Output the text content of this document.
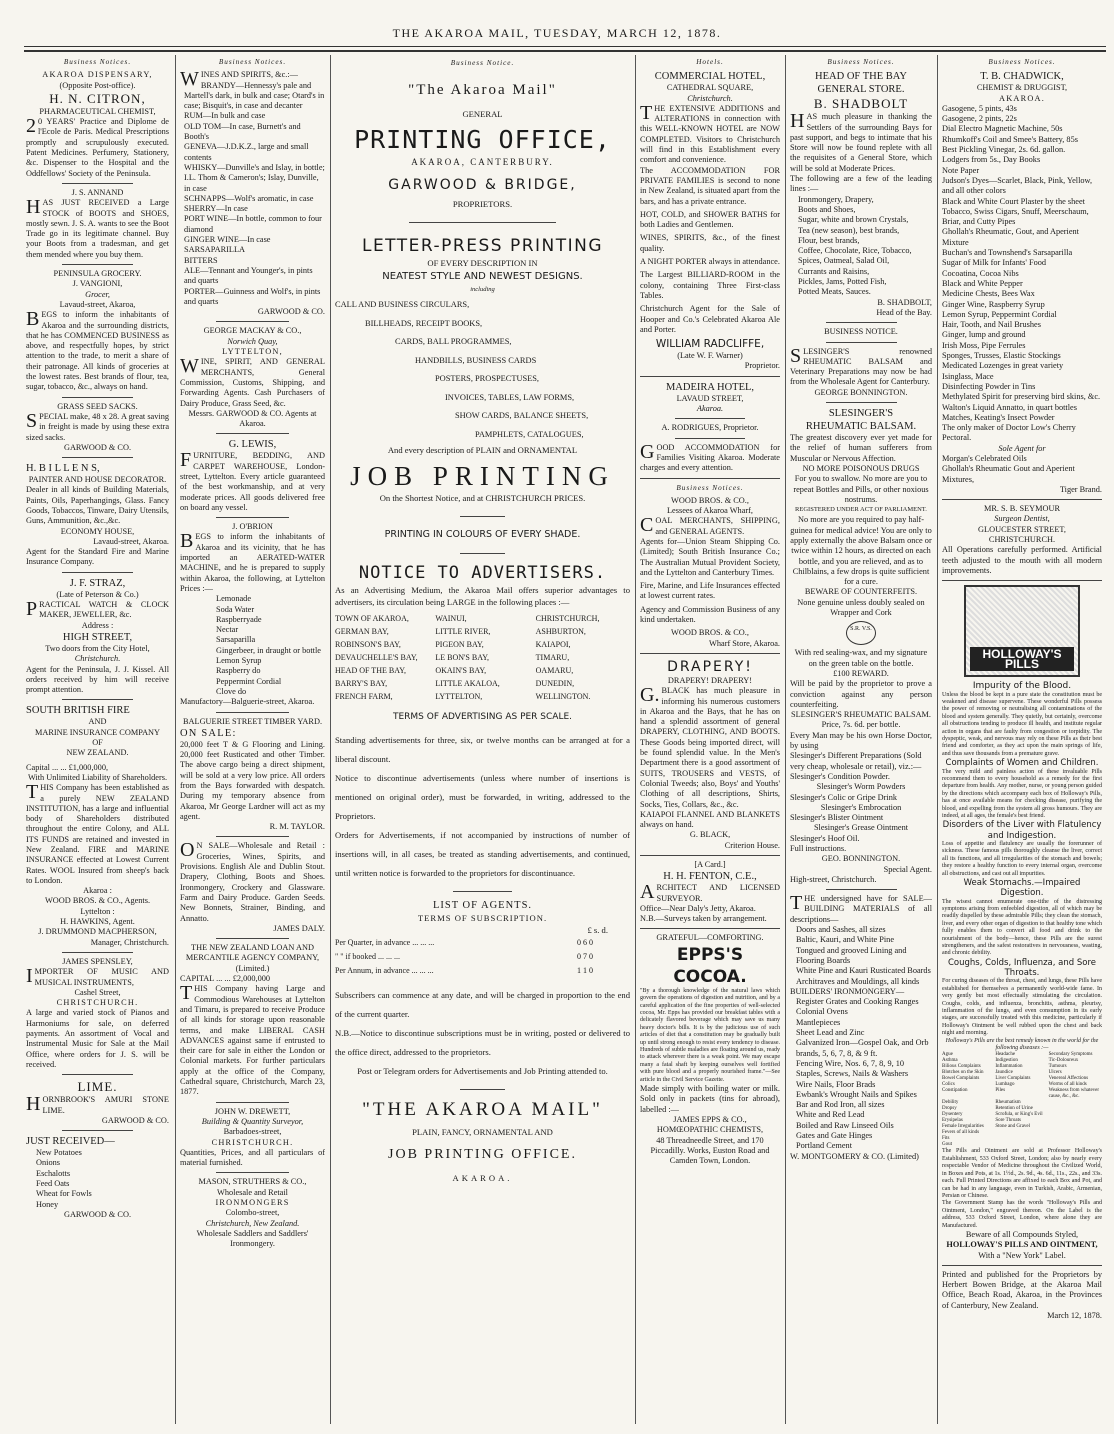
THE AKAROA MAIL, TUESDAY, MARCH 12, 1878.
Business Notices.
AKAROA DISPENSARY,
(Opposite Post-office).
H. N. CITRON,
PHARMACEUTICAL CHEMIST,
20 YEARS' Practice and Diplome de l'Ecole de Paris. Medical Prescriptions promptly and scrupulously executed. Patent Medicines. Perfumery, Stationery, &c. Dispenser to the Hospital and the Oddfellows' Society of the Peninsula.
J. S. ANNAND
HAS JUST RECEIVED a Large STOCK of BOOTS and SHOES, mostly sewn. J. S. A. wants to see the Boot Trade go in its legitimate channel. Buy your Boots from a tradesman, and get them mended where you buy them.
PENINSULA GROCERY.
J. VANGIONI,
Grocer,
Lavaud-street, Akaroa,
BEGS to inform the inhabitants of Akaroa and the surrounding districts, that he has COMMENCED BUSINESS as above, and respectfully hopes, by strict attention to the trade, to merit a share of their patronage. All kinds of groceries at the lowest rates. Best brands of flour, tea, sugar, tobacco, &c., always on hand.
GRASS SEED SACKS.
SPECIAL make, 48 x 28. A great saving in freight is made by using these extra sized sacks.
GARWOOD & CO.
H. B I L L E N S,
PAINTER AND HOUSE DECORATOR.
Dealer in all kinds of Building Materials, Paints, Oils, Paperhangings, Glass. Fancy Goods, Tobaccos, Tinware, Dairy Utensils, Guns, Ammunition, &c.,&c.
ECONOMY HOUSE,
Lavaud-street, Akaroa.
Agent for the Standard Fire and Marine Insurance Company.
J. F. STRAZ,
(Late of Peterson & Co.)
PRACTICAL WATCH & CLOCK MAKER, JEWELLER, &c.
Address :
HIGH STREET,
Two doors from the City Hotel,
Christchurch.
Agent for the Peninsula, J. J. Kissel. All orders received by him will receive prompt attention.
SOUTH BRITISH FIRE
AND
MARINE INSURANCE COMPANY
OF
NEW ZEALAND.
Capital ... ... £1,000,000,
With Unlimited Liability of Shareholders.
THIS Company has been established as a purely NEW ZEALAND INSTITUTION, has a large and influential body of Shareholders distributed throughout the entire Colony, and ALL ITS FUNDS are retained and invested in New Zealand. FIRE and MARINE INSURANCE effected at Lowest Current Rates. WOOL Insured from sheep's back to London.
Akaroa :
WOOD BROS. & CO., Agents.
Lyttelton :
H. HAWKINS, Agent.
J. DRUMMOND MACPHERSON,
Manager, Christchurch.
JAMES SPENSLEY,
IMPORTER OF MUSIC AND MUSICAL INSTRUMENTS,
Cashel Street,
CHRISTCHURCH.
A large and varied stock of Pianos and Harmoniums for sale, on deferred payments. An assortment of Vocal and Instrumental Music for Sale at the Mail Office, where orders for J. S. will be received.
LIME.
HORNBROOK'S AMURI STONE LIME.
GARWOOD & CO.
JUST RECEIVED—
New Potatoes
Onions
Eschalotts
Feed Oats
Wheat for Fowls
Honey
GARWOOD & CO.
Business Notices.
WINES AND SPIRITS, &c.:—
BRANDY—Hennessy's pale and Martell's dark, in bulk and case; Otard's in case; Bisquit's, in case and decanter
RUM—In bulk and case
OLD TOM—In case, Burnett's and Booth's
GENEVA—J.D.K.Z., large and small contents
WHISKY—Dunville's and Islay, in bottle; I.L. Thom & Cameron's; Islay, Dunville, in case
SCHNAPPS—Wolf's aromatic, in case
SHERRY—In case
PORT WINE—In bottle, common to four diamond
GINGER WINE—In case
SARSAPARILLA
BITTERS
ALE—Tennant and Younger's, in pints and quarts
PORTER—Guinness and Wolf's, in pints and quarts
GARWOOD & CO.
GEORGE MACKAY & CO.,
Norwich Quay,
LYTTELTON,
WINE, SPIRIT, AND GENERAL MERCHANTS, General Commission, Customs, Shipping, and Forwarding Agents. Cash Purchasers of Dairy Produce, Grass Seed, &c.
Messrs. GARWOOD & CO. Agents at Akaroa.
G. LEWIS,
FURNITURE, BEDDING, AND CARPET WAREHOUSE, London-street, Lyttelton. Every article guaranteed of the best workmanship, and at very moderate prices. All goods delivered free on board any vessel.
J. O'BRION
BEGS to inform the inhabitants of Akaroa and its vicinity, that he has imported an AERATED-WATER MACHINE, and he is prepared to supply within Akaroa, the following, at Lyttelton Prices :—
Lemonade
Soda Water
Raspberryade
Nectar
Sarsaparilla
Gingerbeer, in draught or bottle
Lemon Syrup
Raspberry do
Peppermint Cordial
Clove do
Manufactory—Balguerie-street, Akaroa.
BALGUERIE STREET TIMBER YARD.
ON SALE:
20,000 feet T & G Flooring and Lining. 20,000 feet Rusticated and other Timber. The above cargo being a direct shipment, will be sold at a very low price. All orders from the Bays forwarded with despatch. During my temporary absence from Akaroa, Mr George Lardner will act as my agent.
R. M. TAYLOR.
ON SALE—Wholesale and Retail : Groceries, Wines, Spirits, and Provisions. English Ale and Dublin Stout. Drapery, Clothing, Boots and Shoes. Ironmongery, Crockery and Glassware. Farm and Dairy Produce. Garden Seeds. New Bonnets, Strainer, Binding, and Annatto.
JAMES DALY.
THE NEW ZEALAND LOAN AND MERCANTILE AGENCY COMPANY,
(Limited.)
CAPITAL ... ... £2,000,000
THIS Company having Large and Commodious Warehouses at Lyttelton and Timaru, is prepared to receive Produce of all kinds for storage upon reasonable terms, and make LIBERAL CASH ADVANCES against same if entrusted to their care for sale in either the London or Colonial markets. For further particulars apply at the office of the Company, Cathedral square, Christchurch, March 23, 1877.
JOHN W. DREWETT,
Building & Quantity Surveyor,
Barbadoes-street,
CHRISTCHURCH.
Quantities, Prices, and all particulars of material furnished.
MASON, STRUTHERS & CO.,
Wholesale and Retail
IRONMONGERS
Colombo-street,
Christchurch, New Zealand.
Wholesale Saddlers and Saddlers' Ironmongery.
Business Notice.
"The Akaroa Mail"
GENERAL
PRINTING OFFICE,
AKAROA, CANTERBURY.
GARWOOD & BRIDGE,
PROPRIETORS.
LETTER-PRESS PRINTING
OF EVERY DESCRIPTION IN
NEATEST STYLE AND NEWEST DESIGNS.
including
CALL AND BUSINESS CIRCULARS,
BILLHEADS, RECEIPT BOOKS,
CARDS, BALL PROGRAMMES,
HANDBILLS, BUSINESS CARDS
POSTERS, PROSPECTUSES,
INVOICES, TABLES, LAW FORMS,
SHOW CARDS, BALANCE SHEETS,
PAMPHLETS, CATALOGUES,
And every description of PLAIN and ORNAMENTAL
JOB PRINTING
On the Shortest Notice, and at CHRISTCHURCH PRICES.
PRINTING IN COLOURS OF EVERY SHADE.
NOTICE TO ADVERTISERS.
As an Advertising Medium, the Akaroa Mail offers superior advantages to advertisers, its circulation being LARGE in the following places :—
TOWN OF AKAROA,	WAINUI,	CHRISTCHURCH,
GERMAN BAY,	LITTLE RIVER,	ASHBURTON,
ROBINSON'S BAY,	PIGEON BAY,	KAIAPOI,
DEVAUCHELLE'S BAY,	LE BON'S BAY,	TIMARU,
HEAD OF THE BAY,	OKAIN'S BAY,	OAMARU,
BARRY'S BAY,	LITTLE AKALOA,	DUNEDIN,
FRENCH FARM,	LYTTELTON,	WELLINGTON.
TERMS OF ADVERTISING AS PER SCALE.
Standing advertisements for three, six, or twelve months can be arranged at for a liberal discount.
Notice to discontinue advertisements (unless where number of insertions is mentioned on original order), must be forwarded, in writing, addressed to the Proprietors.
Orders for Advertisements, if not accompanied by instructions of number of insertions will, in all cases, be treated as standing advertisements, and continued, until written notice is forwarded to the proprietors for discontinuance.
LIST OF AGENTS.
TERMS OF SUBSCRIPTION.
£ s. d.
Per Quarter, in advance ... ... ...	0 6 0
" " if booked ... ... ...	0 7 0
Per Annum, in advance ... ... ...	1 1 0
Subscribers can commence at any date, and will be charged in proportion to the end of the current quarter.
N.B.—Notice to discontinue subscriptions must be in writing, posted or delivered to the office direct, addressed to the proprietors.
Post or Telegram orders for Advertisements and Job Printing attended to.
"THE AKAROA MAIL"
PLAIN, FANCY, ORNAMENTAL AND
JOB PRINTING OFFICE.
AKAROA.
Hotels.
COMMERCIAL HOTEL,
CATHEDRAL SQUARE,
Christchurch.
THE EXTENSIVE ADDITIONS and ALTERATIONS in connection with this WELL-KNOWN HOTEL are NOW COMPLETED. Visitors to Christchurch will find in this Establishment every comfort and convenience.
The ACCOMMODATION FOR PRIVATE FAMILIES is second to none in New Zealand, is situated apart from the bars, and has a private entrance.
HOT, COLD, and SHOWER BATHS for both Ladies and Gentlemen.
WINES, SPIRITS, &c., of the finest quality.
A NIGHT PORTER always in attendance.
The Largest BILLIARD-ROOM in the colony, containing Three First-class Tables.
Christchurch Agent for the Sale of Hooper and Co.'s Celebrated Akaroa Ale and Porter.
WILLIAM RADCLIFFE,
(Late W. F. Warner)
Proprietor.
MADEIRA HOTEL,
LAVAUD STREET,
Akaroa.
A. RODRIGUES, Proprietor.
GOOD ACCOMMODATION for Families Visiting Akaroa. Moderate charges and every attention.
Business Notices.
WOOD BROS. & CO.,
Lessees of Akaroa Wharf,
COAL MERCHANTS, SHIPPING, and GENERAL AGENTS.
Agents for—Union Steam Shipping Co. (Limited); South British Insurance Co.; The Australian Mutual Provident Society, and the Lyttelton and Canterbury Times.
Fire, Marine, and Life Insurances effected at lowest current rates.
Agency and Commission Business of any kind undertaken.
WOOD BROS. & CO.,
Wharf Store, Akaroa.
DRAPERY!
DRAPERY! DRAPERY!
G.BLACK has much pleasure in informing his numerous customers in Akaroa and the Bays, that he has on hand a splendid assortment of general DRAPERY, CLOTHING, AND BOOTS. These Goods being imported direct, will be found splendid value. In the Men's Department there is a good assortment of SUITS, TROUSERS and VESTS, of Colonial Tweeds; also, Boys' and Youths' Clothing of all descriptions, Shirts, Socks, Ties, Collars, &c., &c.
KAIAPOI FLANNEL AND BLANKETS always on hand.
G. BLACK,
Criterion House.
[A Card.]
H. H. FENTON, C.E.,
ARCHITECT AND LICENSED SURVEYOR.
Office—Near Daly's Jetty, Akaroa.
N.B.—Surveys taken by arrangement.
GRATEFUL—COMFORTING.
EPPS'S COCOA.
"By a thorough knowledge of the natural laws which govern the operations of digestion and nutrition, and by a careful application of the fine properties of well-selected cocoa, Mr. Epps has provided our breakfast tables with a delicately flavored beverage which may save us many heavy doctor's bills. It is by the judicious use of such articles of diet that a constitution may be gradually built up until strong enough to resist every tendency to disease. Hundreds of subtle maladies are floating around us, ready to attack wherever there is a weak point. We may escape many a fatal shaft by keeping ourselves well fortified with pure blood and a properly nourished frame."—See article in the Civil Service Gazette.
Made simply with boiling water or milk. Sold only in packets (tins for abroad), labelled :—
JAMES EPPS & CO.,
HOMŒOPATHIC CHEMISTS,
48 Threadneedle Street, and 170 Piccadilly. Works, Euston Road and Camden Town, London.
Business Notices.
HEAD OF THE BAY GENERAL STORE.
B. SHADBOLT
HAS much pleasure in thanking the Settlers of the surrounding Bays for past support, and begs to intimate that his Store will now be found replete with all the requisites of a General Store, which will be sold at Moderate Prices.
The following are a few of the leading lines :—
Ironmongery, Drapery,
Boots and Shoes,
Sugar, white and brown Crystals,
Tea (new season), best brands,
Flour, best brands,
Coffee, Chocolate, Rice, Tobacco,
Spices, Oatmeal, Salad Oil,
Currants and Raisins,
Pickles, Jams, Potted Fish,
Potted Meats, Sauces.
B. SHADBOLT,
Head of the Bay.
BUSINESS NOTICE.
SLESINGER'S renowned RHEUMATIC BALSAM and Veterinary Preparations may now be had from the Wholesale Agent for Canterbury.
GEORGE BONNINGTON.
SLESINGER'S
RHEUMATIC BALSAM.
The greatest discovery ever yet made for the relief of human sufferers from Muscular or Nervous Affection.
NO MORE POISONOUS DRUGS
For you to swallow. No more are you to repeat Bottles and Pills, or other noxious nostrums.
REGISTERED UNDER ACT OF PARLIAMENT.
No more are you required to pay half-guinea for medical advice! You are only to apply externally the above Balsam once or twice within 12 hours, as directed on each bottle, and you are relieved, and as to Chilblains, a few drops is quite sufficient for a cure.
BEWARE OF COUNTERFEITS.
None genuine unless doubly sealed on Wrapper and Cork
S.R. V.S.
With red sealing-wax, and my signature on the green table on the bottle.
£100 REWARD.
Will be paid by the proprietor to prove a conviction against any person counterfeiting.
SLESINGER'S RHEUMATIC BALSAM. Price, 7s. 6d. per bottle.
Every Man may be his own Horse Doctor, by using
Slesinger's Different Preparations (Sold very cheap, wholesale or retail), viz.:—
Slesinger's Condition Powder.
Slesinger's Worm Powders
Slesinger's Colic or Gripe Drink
Slesinger's Embrocation
Slesinger's Blister Ointment
Slesinger's Grease Ointment
Slesinger's Hoof Oil.
Full instructions.
GEO. BONNINGTON.
Special Agent.
High-street, Christchurch.
THE undersigned have for SALE—BUILDING MATERIALS of all descriptions—
Doors and Sashes, all sizes
Baltic, Kauri, and White Pine
Tongued and grooved Lining and Flooring Boards
White Pine and Kauri Rusticated Boards
Architraves and Mouldings, all kinds
BUILDERS' IRONMONGERY—
Register Grates and Cooking Ranges
Colonial Ovens
Mantlepieces
Sheet Lead and Zinc
Galvanized Iron—Gospel Oak, and Orb brands, 5, 6, 7, 8, & 9 ft.
Fencing Wire, Nos. 6, 7, 8, 9, 10
Staples, Screws, Nails & Washers
Wire Nails, Floor Brads
Ewbank's Wrought Nails and Spikes
Bar and Rod Iron, all sizes
White and Red Lead
Boiled and Raw Linseed Oils
Gates and Gate Hinges
Portland Cement
W. MONTGOMERY & CO. (Limited)
Business Notices.
T. B. CHADWICK,
CHEMIST & DRUGGIST,
AKAROA.
Gasogene, 5 pints, 43s
Gasogene, 2 pints, 22s
Dial Electro Magnetic Machine, 50s
Rhumkoff's Coil and Smee's Battery, 85s
Best Pickling Vinegar, 2s. 6d. gallon.
Lodgers from 5s., Day Books
Note Paper
Judson's Dyes—Scarlet, Black, Pink, Yellow, and all other colors
Black and White Court Plaster by the sheet
Tobacco, Swiss Cigars, Snuff, Meerschaum, Briar, and Cutty Pipes
Ghollah's Rheumatic, Gout, and Aperient Mixture
Buchan's and Townshend's Sarsaparilla
Sugar of Milk for Infants' Food
Cocoatina, Cocoa Nibs
Black and White Pepper
Medicine Chests, Bees Wax
Ginger Wine, Raspberry Syrup
Lemon Syrup, Peppermint Cordial
Hair, Tooth, and Nail Brushes
Ginger, lump and ground
Irish Moss, Pipe Ferrules
Sponges, Trusses, Elastic Stockings
Medicated Lozenges in great variety
Isinglass, Mace
Disinfecting Powder in Tins
Methylated Spirit for preserving bird skins, &c.
Walton's Liquid Annatto, in quart bottles
Matches, Keating's Insect Powder
The only maker of Doctor Low's Cherry Pectoral.
Sole Agent for
Morgan's Celebrated Oils
Ghollah's Rheumatic Gout and Aperient Mixtures,
Tiger Brand.
MR. S. B. SEYMOUR
Surgeon Dentist,
GLOUCESTER STREET,
CHRISTCHURCH.
All Operations carefully performed. Artificial teeth adjusted to the mouth with all modern improvements.
HOLLOWAY'S PILLS
Impurity of the Blood.
Unless the blood be kept in a pure state the constitution must be weakened and disease supervene. These wonderful Pills possess the power of removing or neutralising all contaminations of the blood and system generally. They quietly, but certainly, overcome all obstructions tending to produce ill health, and institute regular action in organs that are faulty from congestion or torpidity. The dyspeptic, weak, and nervous may rely on these Pills as their best friend and comforter, as they act upon the main springs of life, and thus save thousands from a premature grave.
Complaints of Women and Children.
The very mild and painless action of these invaluable Pills recommend them to every household as a remedy for the first departure from health. Any mother, nurse, or young person guided by the directions which accompany each box of Holloway's Pills, has at once available means for checking disease, purifying the blood, and expelling from the system all gross humours. They are indeed, at all ages, the female's best friend.
Disorders of the Liver with Flatulency and Indigestion.
Loss of appetite and flatulency are usually the forerunner of sickness. These famous pills thoroughly cleanse the liver, correct all its functions, and all irregularities of the stomach and bowels; they restore a healthy function to every internal organ, overcome all obstructions, and cast out all impurities.
Weak Stomachs.—Impaired Digestion.
The wisest cannot enumerate one-tithe of the distressing symptoms arising from enfeebled digestion, all of which may be readily dispelled by these admirable Pills; they clean the stomach, liver, and every other organ of digestion to that healthy tone which fully enables them to convert all food and drink to the nourishment of the body—hence, these Pills are the surest strengtheners, and the safest restoratives in nervousness, wasting, and chronic debility.
Coughs, Colds, Influenza, and Sore Throats.
For curing diseases of the throat, chest, and lungs, these Pills have established for themselves a permanently world-wide fame. In very gently but most effectually stimulating the circulation. Coughs, colds, and influenza, bronchitis, asthma, pleurisy, inflammation of the lungs, and even consumption in its early stages, are successfully treated with this medicine, particularly if Holloway's Ointment be well rubbed upon the chest and back night and morning.
Holloway's Pills are the best remedy known in the world for the following diseases :—
Ague	Headache	Secondary Symptoms
Asthma	Indigestion	Tic-Doloureux
Bilious Complaints	Inflammation	Tumours
Blotches on the Skin	Jaundice	Ulcers
Bowel Complaints	Liver Complaints	Venereal Affections
Colics	Lumbago	Worms of all kinds
Constipation	Piles	Weakness from whatever cause, &c., &c.
Debility	Rheumatism
Dropsy	Retention of Urine
Dysentery	Scrofula, or King's Evil
Erysipelas	Sore Throats
Female Irregularities	Stone and Gravel
Fevers of all kinds
Fits
Gout
The Pills and Ointment are sold at Professor Holloway's Establishment, 533 Oxford Street, London; also by nearly every respectable Vendor of Medicine throughout the Civilized World, in Boxes and Pots, at 1s. 1½d., 2s. 9d., 4s. 6d., 11s., 22s., and 33s. each. Full Printed Directions are affixed to each Box and Pot, and can be had in any language, even in Turkish, Arabic, Armenian, Persian or Chinese.
The Government Stamp has the words "Holloway's Pills and Ointment, London," engraved thereon. On the Label is the address, 533 Oxford Street, London, where alone they are Manufactured.
Beware of all Compounds Styled,
HOLLOWAY'S PILLS AND OINTMENT,
With a "New York" Label.
Printed and published for the Proprietors by Herbert Bowen Bridge, at the Akaroa Mail Office, Beach Road, Akaroa, in the Provinces of Canterbury, New Zealand.
March 12, 1878.
